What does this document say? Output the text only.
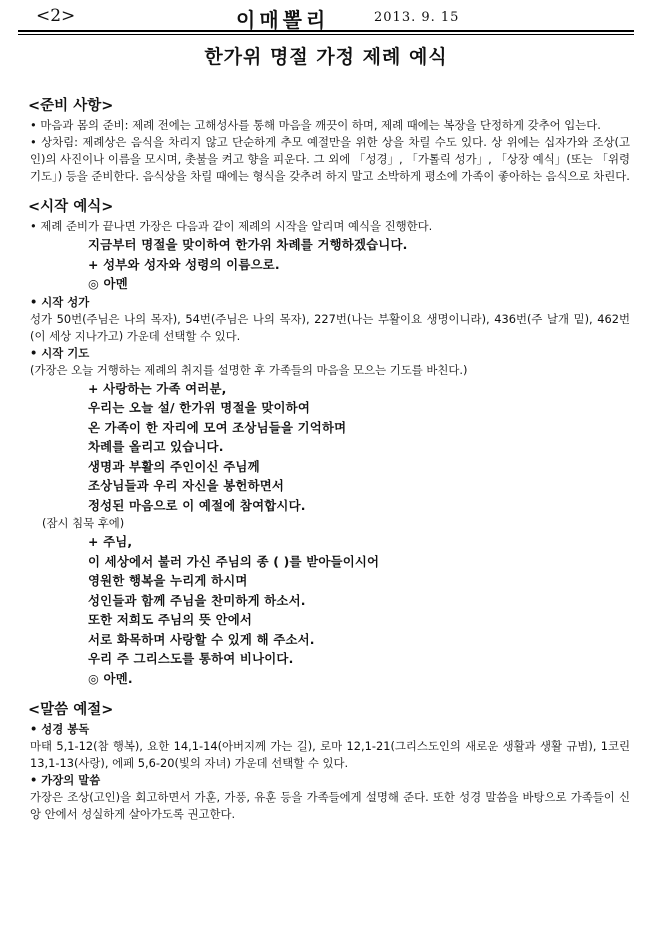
<2>	이매뽈리	2013. 9. 15
한가위 명절 가정 제례 예식
<준비 사항>

• 마음과 몸의 준비: 제례 전에는 고해성사를 통해 마음을 깨끗이 하며, 제례 때에는 복장을 단정하게 갖추어 입는다.

• 상차림: 제례상은 음식을 차리지 않고 단순하게 추모 예절만을 위한 상을 차릴 수도 있다. 상 위에는 십자가와 조상(고인)의 사진이나 이름을 모시며, 촛불을 켜고 향을 피운다. 그 외에 「성경」, 「가톨릭 성가」, 「상장 예식」(또는 「위령 기도」) 등을 준비한다. 음식상을 차릴 때에는 형식을 갖추려 하지 말고 소박하게 평소에 가족이 좋아하는 음식으로 차린다.

<시작 예식>

• 제례 준비가 끝나면 가장은 다음과 같이 제례의 시작을 알리며 예식을 진행한다.

지금부터 명절을 맞이하여 한가위 차례를 거행하겠습니다.

+ 성부와 성자와 성령의 이름으로.

◎ 아멘

• 시작 성가

성가 50번(주님은 나의 목자), 54번(주님은 나의 목자), 227번(나는 부활이요 생명이니라), 436번(주 날개 밑), 462번(이 세상 지나가고) 가운데 선택할 수 있다.

• 시작 기도

(가장은 오늘 거행하는 제례의 취지를 설명한 후 가족들의 마음을 모으는 기도를 바친다.)

+ 사랑하는 가족 여러분,

우리는 오늘 설/ 한가위 명절을 맞이하여

온 가족이 한 자리에 모여 조상님들을 기억하며

차례를 올리고 있습니다.

생명과 부활의 주인이신 주님께

조상님들과 우리 자신을 봉헌하면서

정성된 마음으로 이 예절에 참여합시다.

(잠시 침묵 후에)

+ 주님,

이 세상에서 불러 가신 주님의 종 ( )를 받아들이시어

영원한 행복을 누리게 하시며

성인들과 함께 주님을 찬미하게 하소서.

또한 저희도 주님의 뜻 안에서

서로 화목하며 사랑할 수 있게 해 주소서.

우리 주 그리스도를 통하여 비나이다.

◎ 아멘.

<말씀 예절>

• 성경 봉독

마태 5,1-12(참 행복), 요한 14,1-14(아버지께 가는 길), 로마 12,1-21(그리스도인의 새로운 생활과 생활 규범), 1코린 13,1-13(사랑), 에페 5,6-20(빛의 자녀) 가운데 선택할 수 있다.

• 가장의 말씀

가장은 조상(고인)을 회고하면서 가훈, 가풍, 유훈 등을 가족들에게 설명해 준다. 또한 성경 말씀을 바탕으로 가족들이 신앙 안에서 성실하게 살아가도록 권고한다.
